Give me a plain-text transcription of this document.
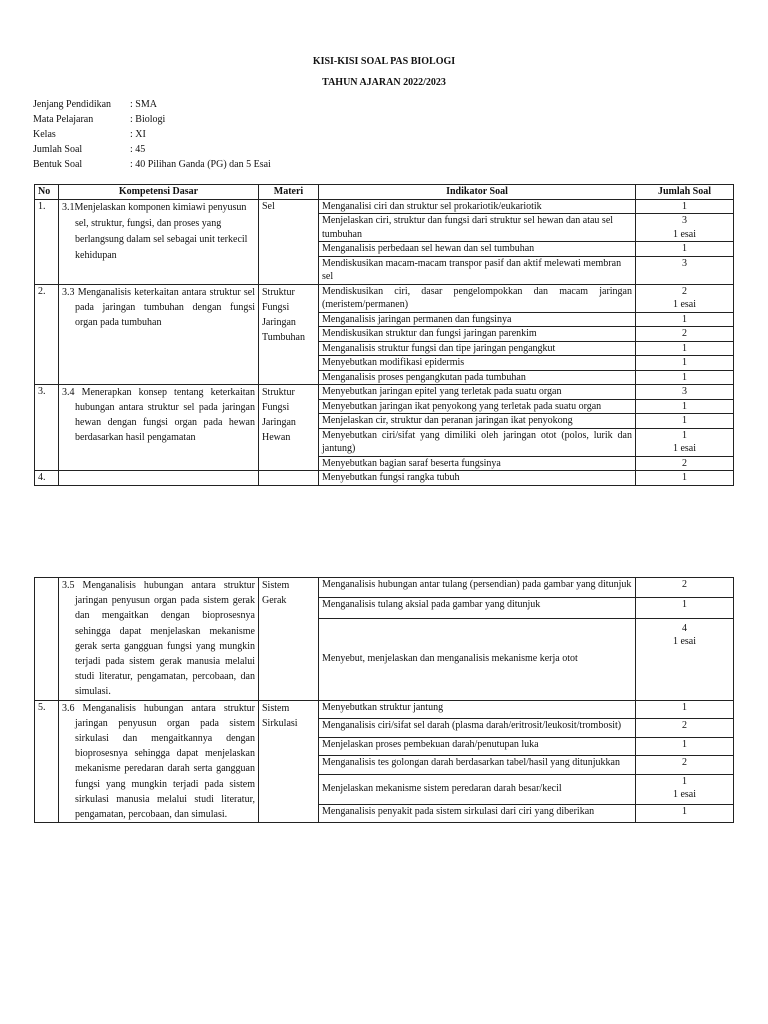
KISI-KISI SOAL PAS BIOLOGI
TAHUN AJARAN 2022/2023
Jenjang Pendidikan	: SMA
Mata Pelajaran	: Biologi
Kelas	: XI
Jumlah Soal	: 45
Bentuk Soal	: 40 Pilihan Ganda (PG) dan 5 Esai
No	Kompetensi Dasar	Materi	Indikator Soal	Jumlah Soal
1.	3.1Menjelaskan komponen kimiawi penyusun sel, struktur, fungsi, dan proses yang berlangsung dalam sel sebagai unit terkecil kehidupan	Sel	Menganalisi ciri dan struktur sel prokariotik/eukariotik	1

			Menjelaskan ciri, struktur dan fungsi dari struktur sel hewan dan atau sel tumbuhan	3
1 esai

			Menganalisis perbedaan sel hewan dan sel tumbuhan	1

			Mendiskusikan macam-macam transpor pasif dan aktif melewati membran sel	3

2.	3.3 Menganalisis keterkaitan antara struktur sel pada jaringan tumbuhan dengan fungsi organ pada tumbuhan	Struktur Fungsi Jaringan Tumbuhan	Mendiskusikan ciri, dasar pengelompokkan dan macam jaringan (meristem/permanen)	2
1 esai

			Menganalisis jaringan permanen dan fungsinya	1

			Mendiskusikan struktur dan fungsi jaringan parenkim	2

			Menganalisis struktur fungsi dan tipe jaringan pengangkut	1

			Menyebutkan modifikasi epidermis	1

			Menganalisis proses pengangkutan pada tumbuhan	1

3.	3.4 Menerapkan konsep tentang keterkaitan hubungan antara struktur sel pada jaringan hewan dengan fungsi organ pada hewan berdasarkan hasil pengamatan	Struktur Fungsi Jaringan Hewan	Menyebutkan jaringan epitel yang terletak pada suatu organ	3

			Menyebutkan jaringan ikat penyokong yang terletak pada suatu organ	1

			Menjelaskan cir, struktur dan peranan jaringan ikat penyokong	1

			Menyebutkan ciri/sifat yang dimiliki oleh jaringan otot (polos, lurik dan jantung)	1
1 esai

			Menyebutkan bagian saraf beserta fungsinya	2

4.			Menyebutkan fungsi rangka tubuh	1
	3.5 Menganalisis hubungan antara struktur jaringan penyusun organ pada sistem gerak dan mengaitkan dengan bioprosesnya sehingga dapat menjelaskan mekanisme gerak serta gangguan fungsi yang mungkin terjadi pada sistem gerak manusia melalui studi literatur, pengamatan, percobaan, dan simulasi.	Sistem Gerak	Menganalisis hubungan antar tulang (persendian) pada gambar yang ditunjuk	2

			Menganalisis tulang aksial pada gambar yang ditunjuk	1

			Menyebut, menjelaskan dan menganalisis mekanisme kerja otot	4
1 esai

5.	3.6 Menganalisis hubungan antara struktur jaringan penyusun organ pada sistem sirkulasi dan mengaitkannya dengan bioprosesnya sehingga dapat menjelaskan mekanisme peredaran darah serta gangguan fungsi yang mungkin terjadi pada sistem sirkulasi manusia melalui studi literatur, pengamatan, percobaan, dan simulasi.	Sistem Sirkulasi	Menyebutkan struktur jantung	1

			Menganalisis ciri/sifat sel darah (plasma darah/eritrosit/leukosit/trombosit)	2

			Menjelaskan proses pembekuan darah/penutupan luka	1

			Menganalisis tes golongan darah berdasarkan tabel/hasil yang ditunjukkan	2

			Menjelaskan mekanisme sistem peredaran darah besar/kecil	1
1 esai

			Menganalisis penyakit pada sistem sirkulasi dari ciri yang diberikan	1
